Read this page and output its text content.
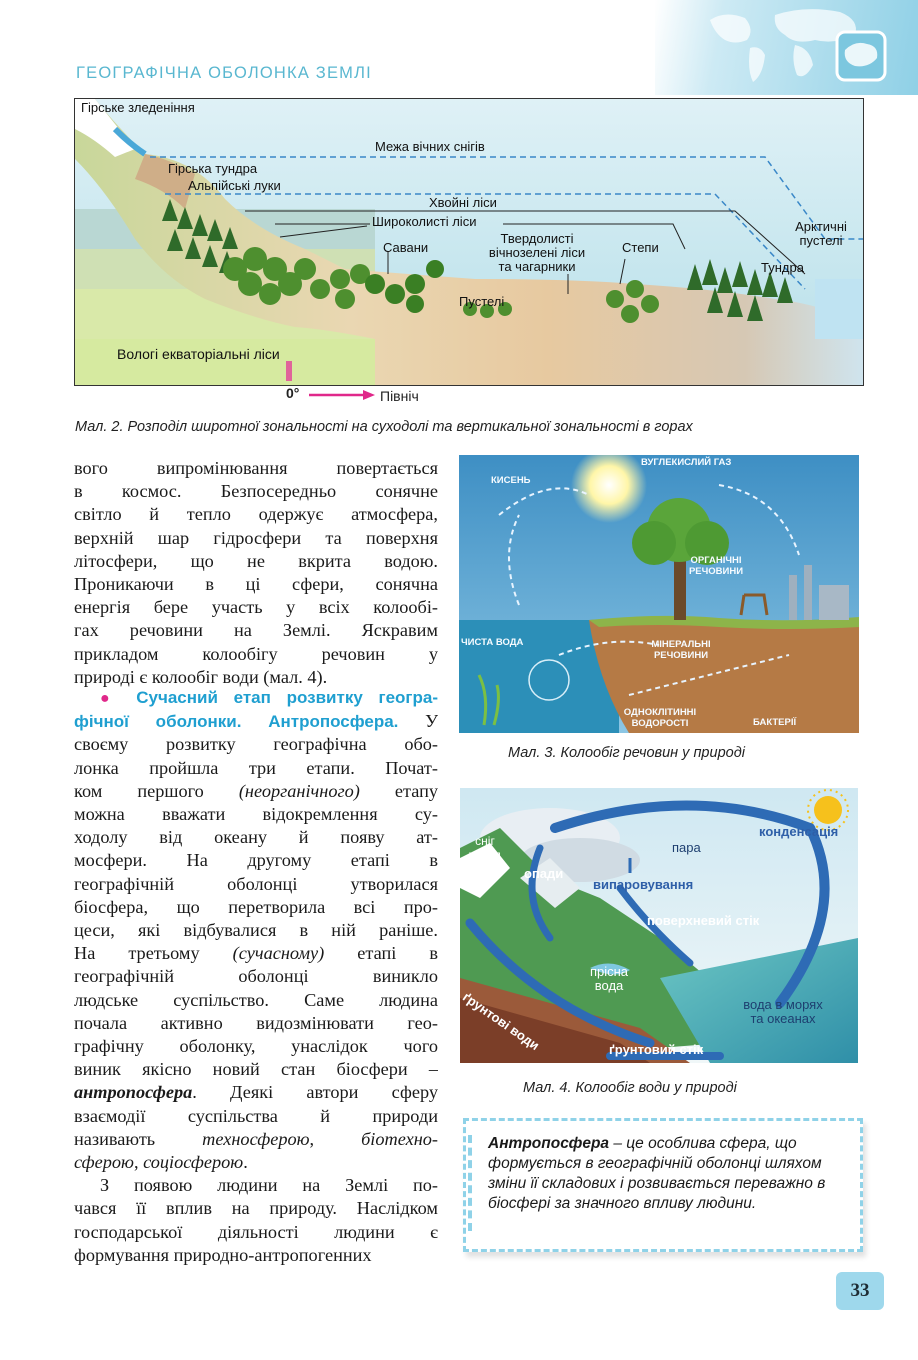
ГЕОГРАФІЧНА ОБОЛОНКА ЗЕМЛІ
Гірське зледеніння
Межа вічних снігів
Гірська тундра
Альпійські луки
Хвойні ліси
Широколисті ліси
Савани
Твердолисті
вічнозелені ліси
та чагарники
Степи
Арктичні
пустелі
Тундра
Пустелі
Вологі екваторіальні ліси
0°	Північ
Мал. 2. Розподіл широтної зональності на суходолі та вертикальної зональності в горах
вого випромінювання повертається
в космос. Безпосередньо сонячне
світло й тепло одержує атмосфера,
верхній шар гідросфери та поверхня
літосфери, що не вкрита водою.
Проникаючи в ці сфери, сонячна
енергія бере участь у всіх колообі-
гах речовини на Землі. Яскравим
прикладом колообігу речовин у
природі є колообіг води (мал. 4).
● Сучасний етап розвитку геогра-
фічної оболонки. Антропосфера. У
своєму розвитку географічна обо-
лонка пройшла три етапи. Почат-
ком першого (неорганічного) етапу
можна вважати відокремлення су-
ходолу від океану й появу ат-
мосфери. На другому етапі в
географічній оболонці утворилася
біосфера, що перетворила всі про-
цеси, які відбувалися в ній раніше.
На третьому (сучасному) етапі в
географічній оболонці виникло
людське суспільство. Саме людина
почала активно видозмінювати гео-
графічну оболонку, унаслідок чого
виник якісно новий стан біосфери –
антропосфера. Деякі автори сферу
взаємодії суспільства й природи
називають	техносферою,	біотехно-
сферою, соціосферою.
З появою людини на Землі по-
чався її вплив на природу. Наслідком
господарської діяльності людини є
формування природно-антропогенних
КИСЕНЬ
ВУГЛЕКИСЛИЙ ГАЗ
ОРГАНІЧНІ
РЕЧОВИНИ
ЧИСТА ВОДА	МІНЕРАЛЬНІ
РЕЧОВИНИ
ОДНОКЛІТИННІ
ВОДОРОСТІ	БАКТЕРІЇ
Мал. 3. Колообіг речовин у природі
сніг
та лід
опади
пара
конденсація
випаровування
поверхневий стік
прісна
вода
ґрунтові води	вода в морях
та океанах
ґрунтовий стік
Мал. 4. Колообіг води у природі
Антропосфера – це особлива сфера, що формується в географічній оболонці шляхом зміни її складових і розвивається переважно в біосфері за значного впливу людини.
33
